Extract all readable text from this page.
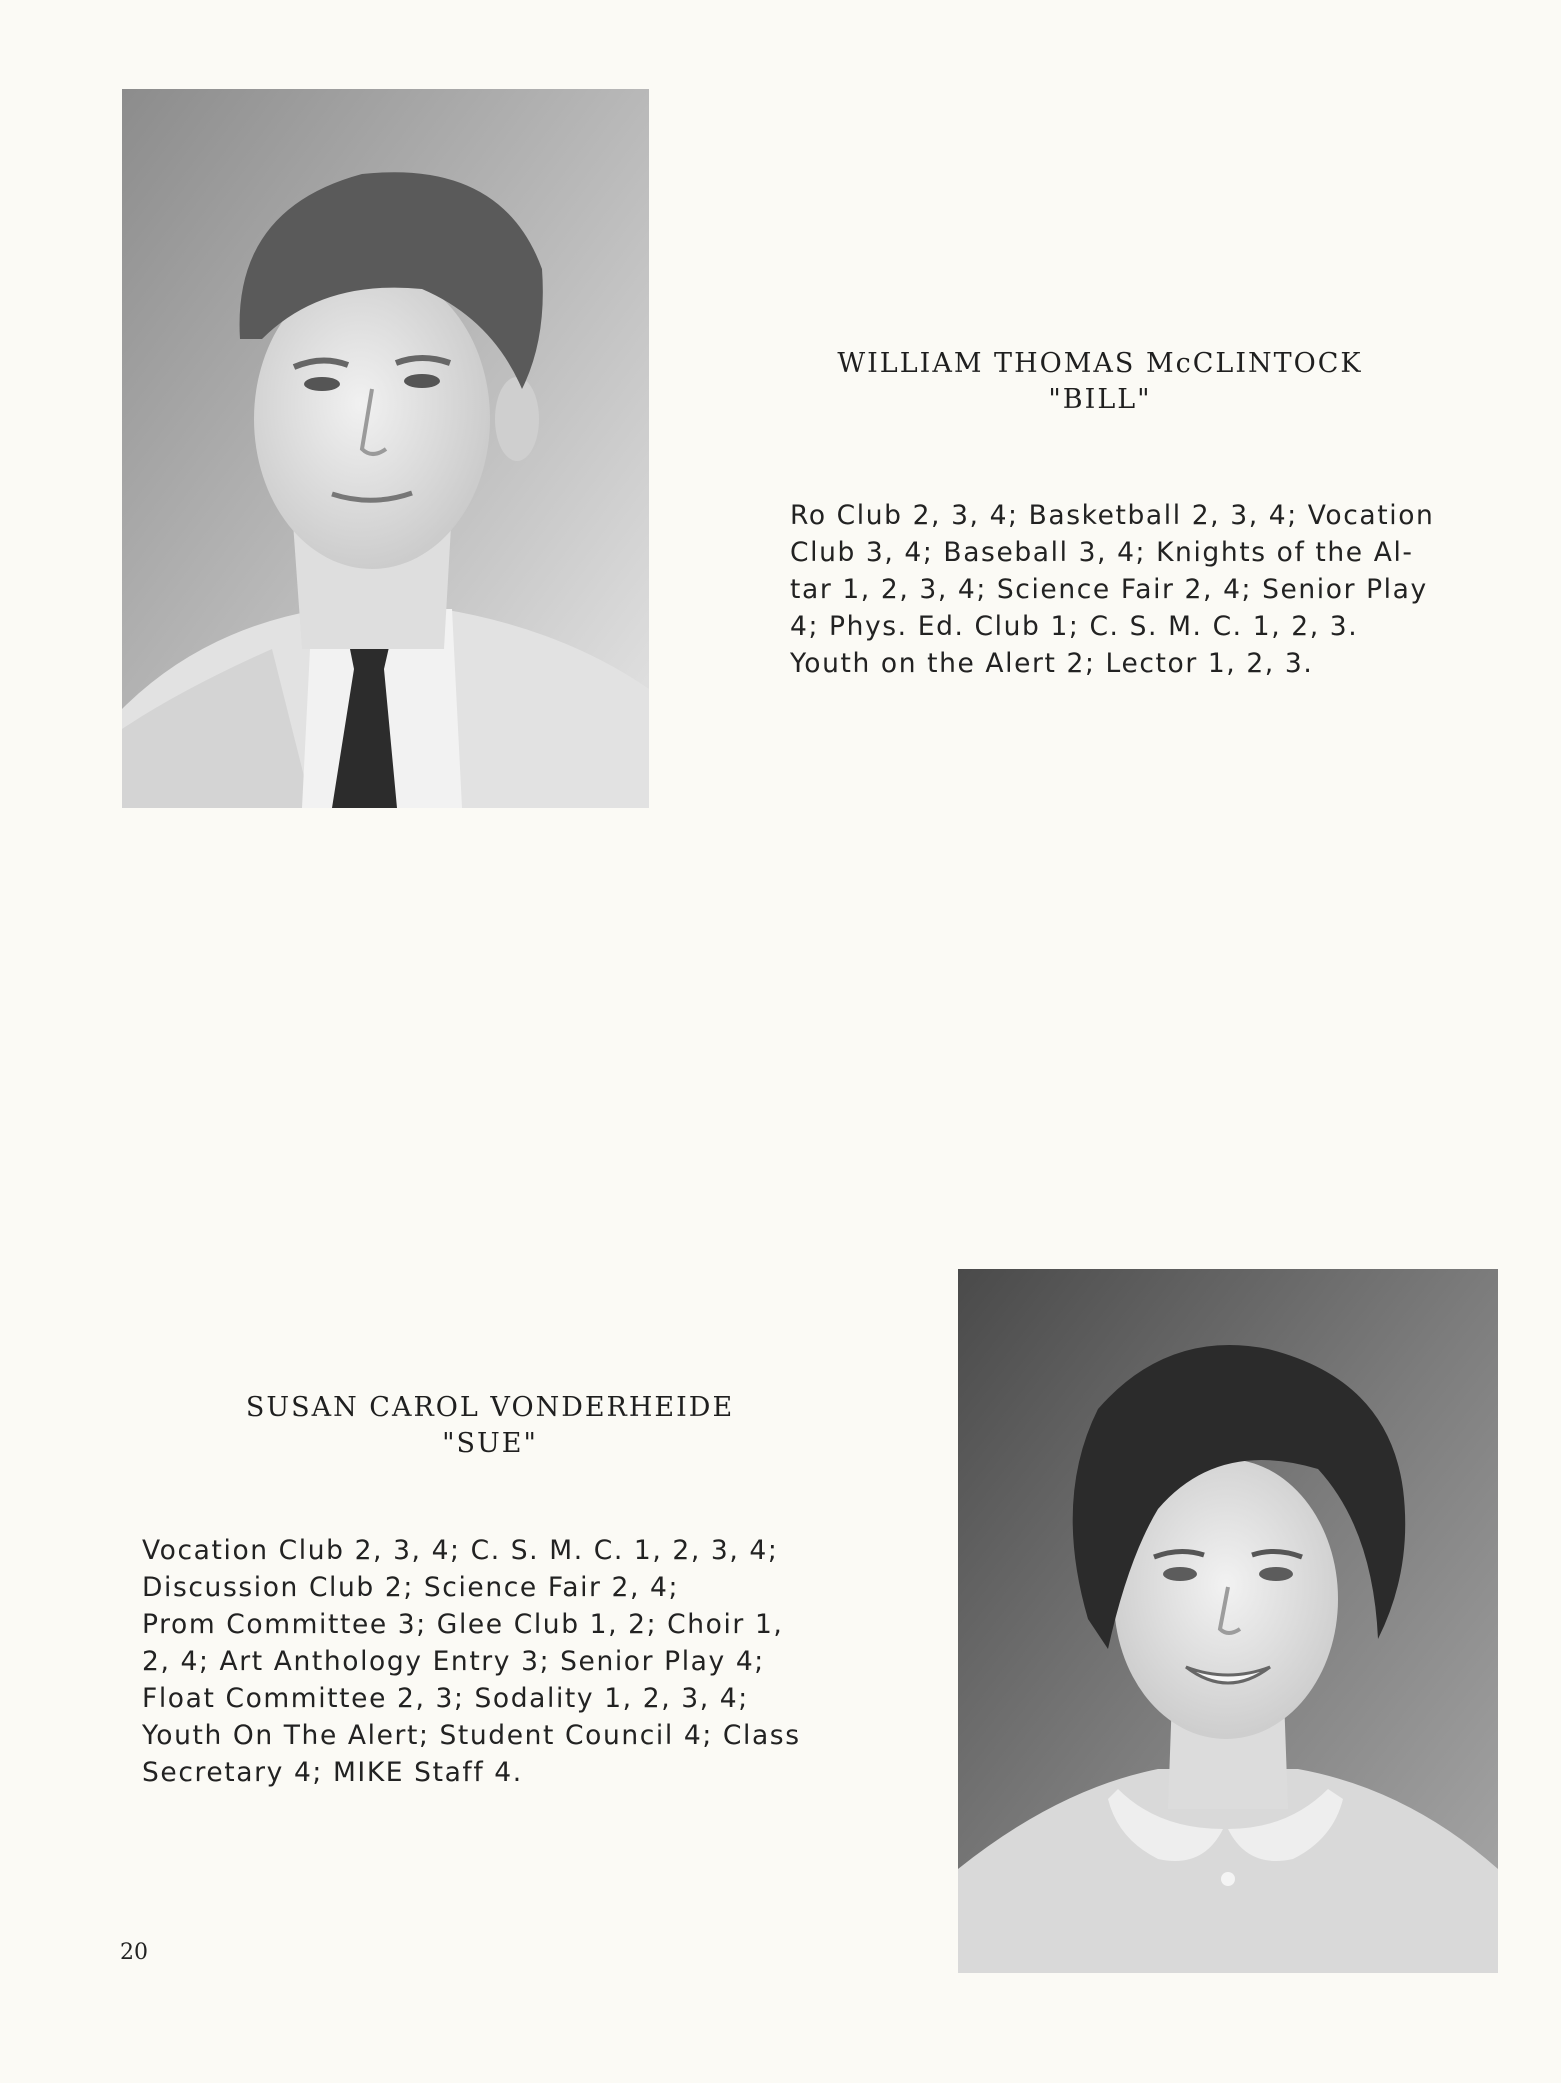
WILLIAM THOMAS McCLINTOCK
"BILL"
Ro Club 2, 3, 4; Basketball 2, 3, 4; Vocation
Club 3, 4; Baseball 3, 4; Knights of the Al-
tar 1, 2, 3, 4; Science Fair 2, 4; Senior Play
4; Phys. Ed. Club 1; C. S. M. C. 1, 2, 3.
Youth on the Alert 2; Lector 1, 2, 3.
SUSAN CAROL VONDERHEIDE
"SUE"
Vocation Club 2, 3, 4; C. S. M. C. 1, 2, 3, 4;
Discussion Club 2; Science Fair 2, 4;
Prom Committee 3; Glee Club 1, 2; Choir 1,
2, 4; Art Anthology Entry 3; Senior Play 4;
Float Committee 2, 3; Sodality 1, 2, 3, 4;
Youth On The Alert; Student Council 4; Class
Secretary 4; MIKE Staff 4.
20
